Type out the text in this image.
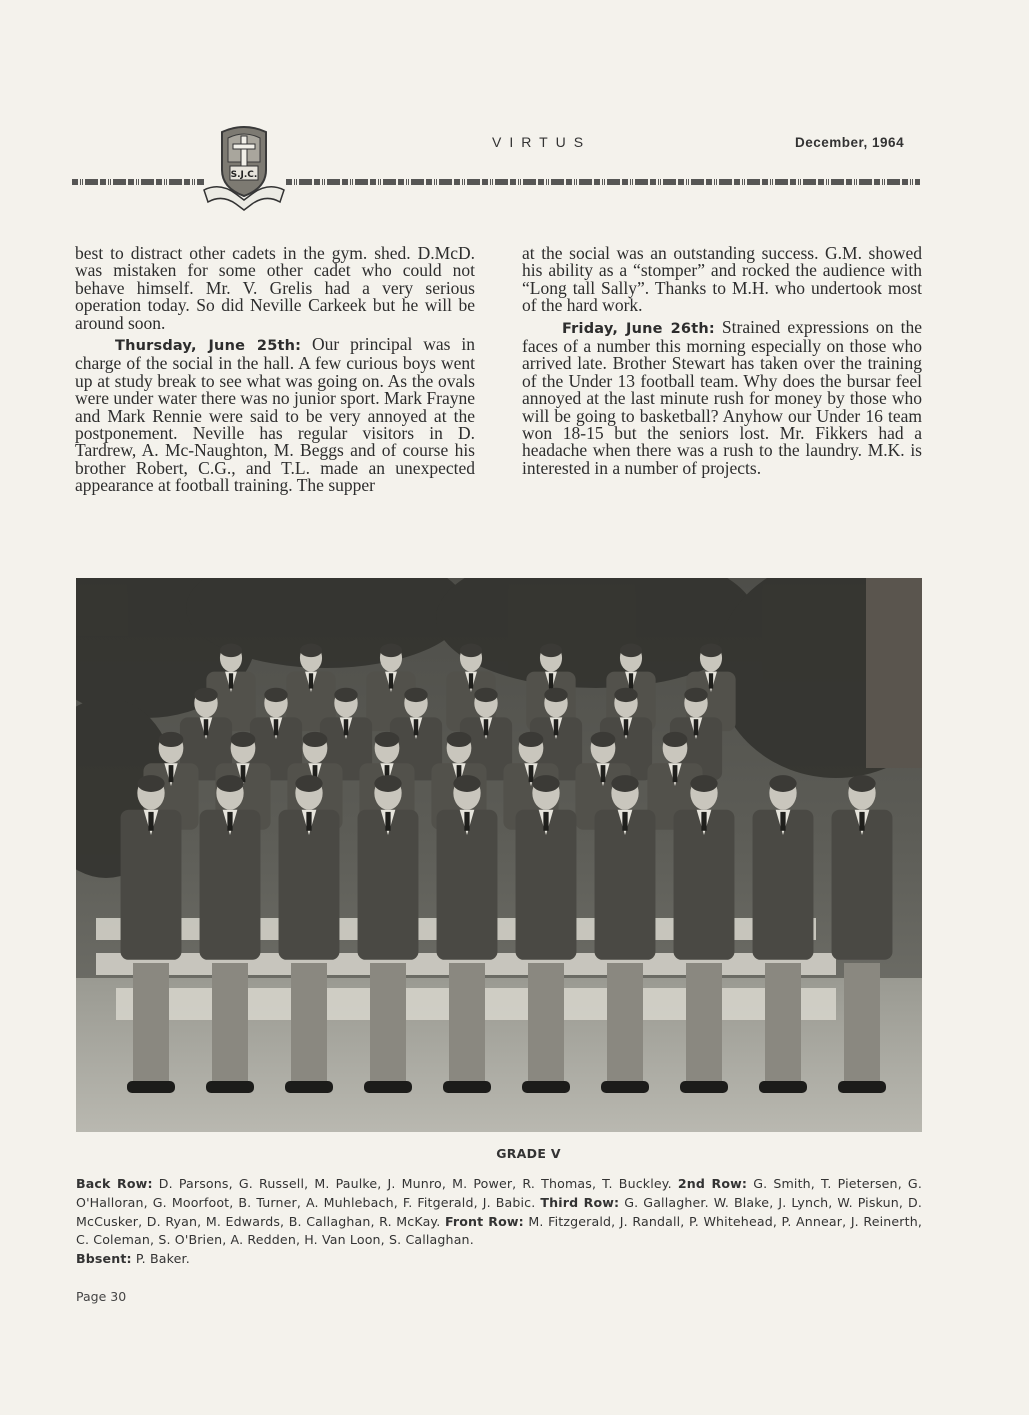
S.J.C.
VIRTUS	December, 1964

best to distract other cadets in the gym. shed. D.McD. was mistaken for some other cadet who could not behave himself. Mr. V. Grelis had a very serious operation today. So did Neville Carkeek but he will be around soon.

Thursday, June 25th: Our principal was in charge of the social in the hall. A few curious boys went up at study break to see what was going on. As the ovals were under water there was no junior sport. Mark Frayne and Mark Rennie were said to be very annoyed at the postponement. Neville has regular visitors in D. Tardrew, A. Mc-Naughton, M. Beggs and of course his brother Robert, C.G., and T.L. made an unexpected appearance at football training. The supper

at the social was an outstanding success. G.M. showed his ability as a “stomper” and rocked the audience with “Long tall Sally”. Thanks to M.H. who undertook most of the hard work.

Friday, June 26th: Strained expressions on the faces of a number this morning especially on those who arrived late. Brother Stewart has taken over the training of the Under 13 football team. Why does the bursar feel annoyed at the last minute rush for money by those who will be going to basketball? Anyhow our Under 16 team won 18-15 but the seniors lost. Mr. Fikkers had a headache when there was a rush to the laundry. M.K. is interested in a number of projects.

GRADE V
Back Row: D. Parsons, G. Russell, M. Paulke, J. Munro, M. Power, R. Thomas, T. Buckley. 2nd Row: G. Smith, T. Pietersen, G. O'Halloran, G. Moorfoot, B. Turner, A. Muhlebach, F. Fitgerald, J. Babic. Third Row: G. Gallagher. W. Blake, J. Lynch, W. Piskun, D. McCusker, D. Ryan, M. Edwards, B. Callaghan, R. McKay. Front Row: M. Fitzgerald, J. Randall, P. Whitehead, P. Annear, J. Reinerth, C. Coleman, S. O'Brien, A. Redden, H. Van Loon, S. Callaghan.
Bbsent: P. Baker.
Page 30
